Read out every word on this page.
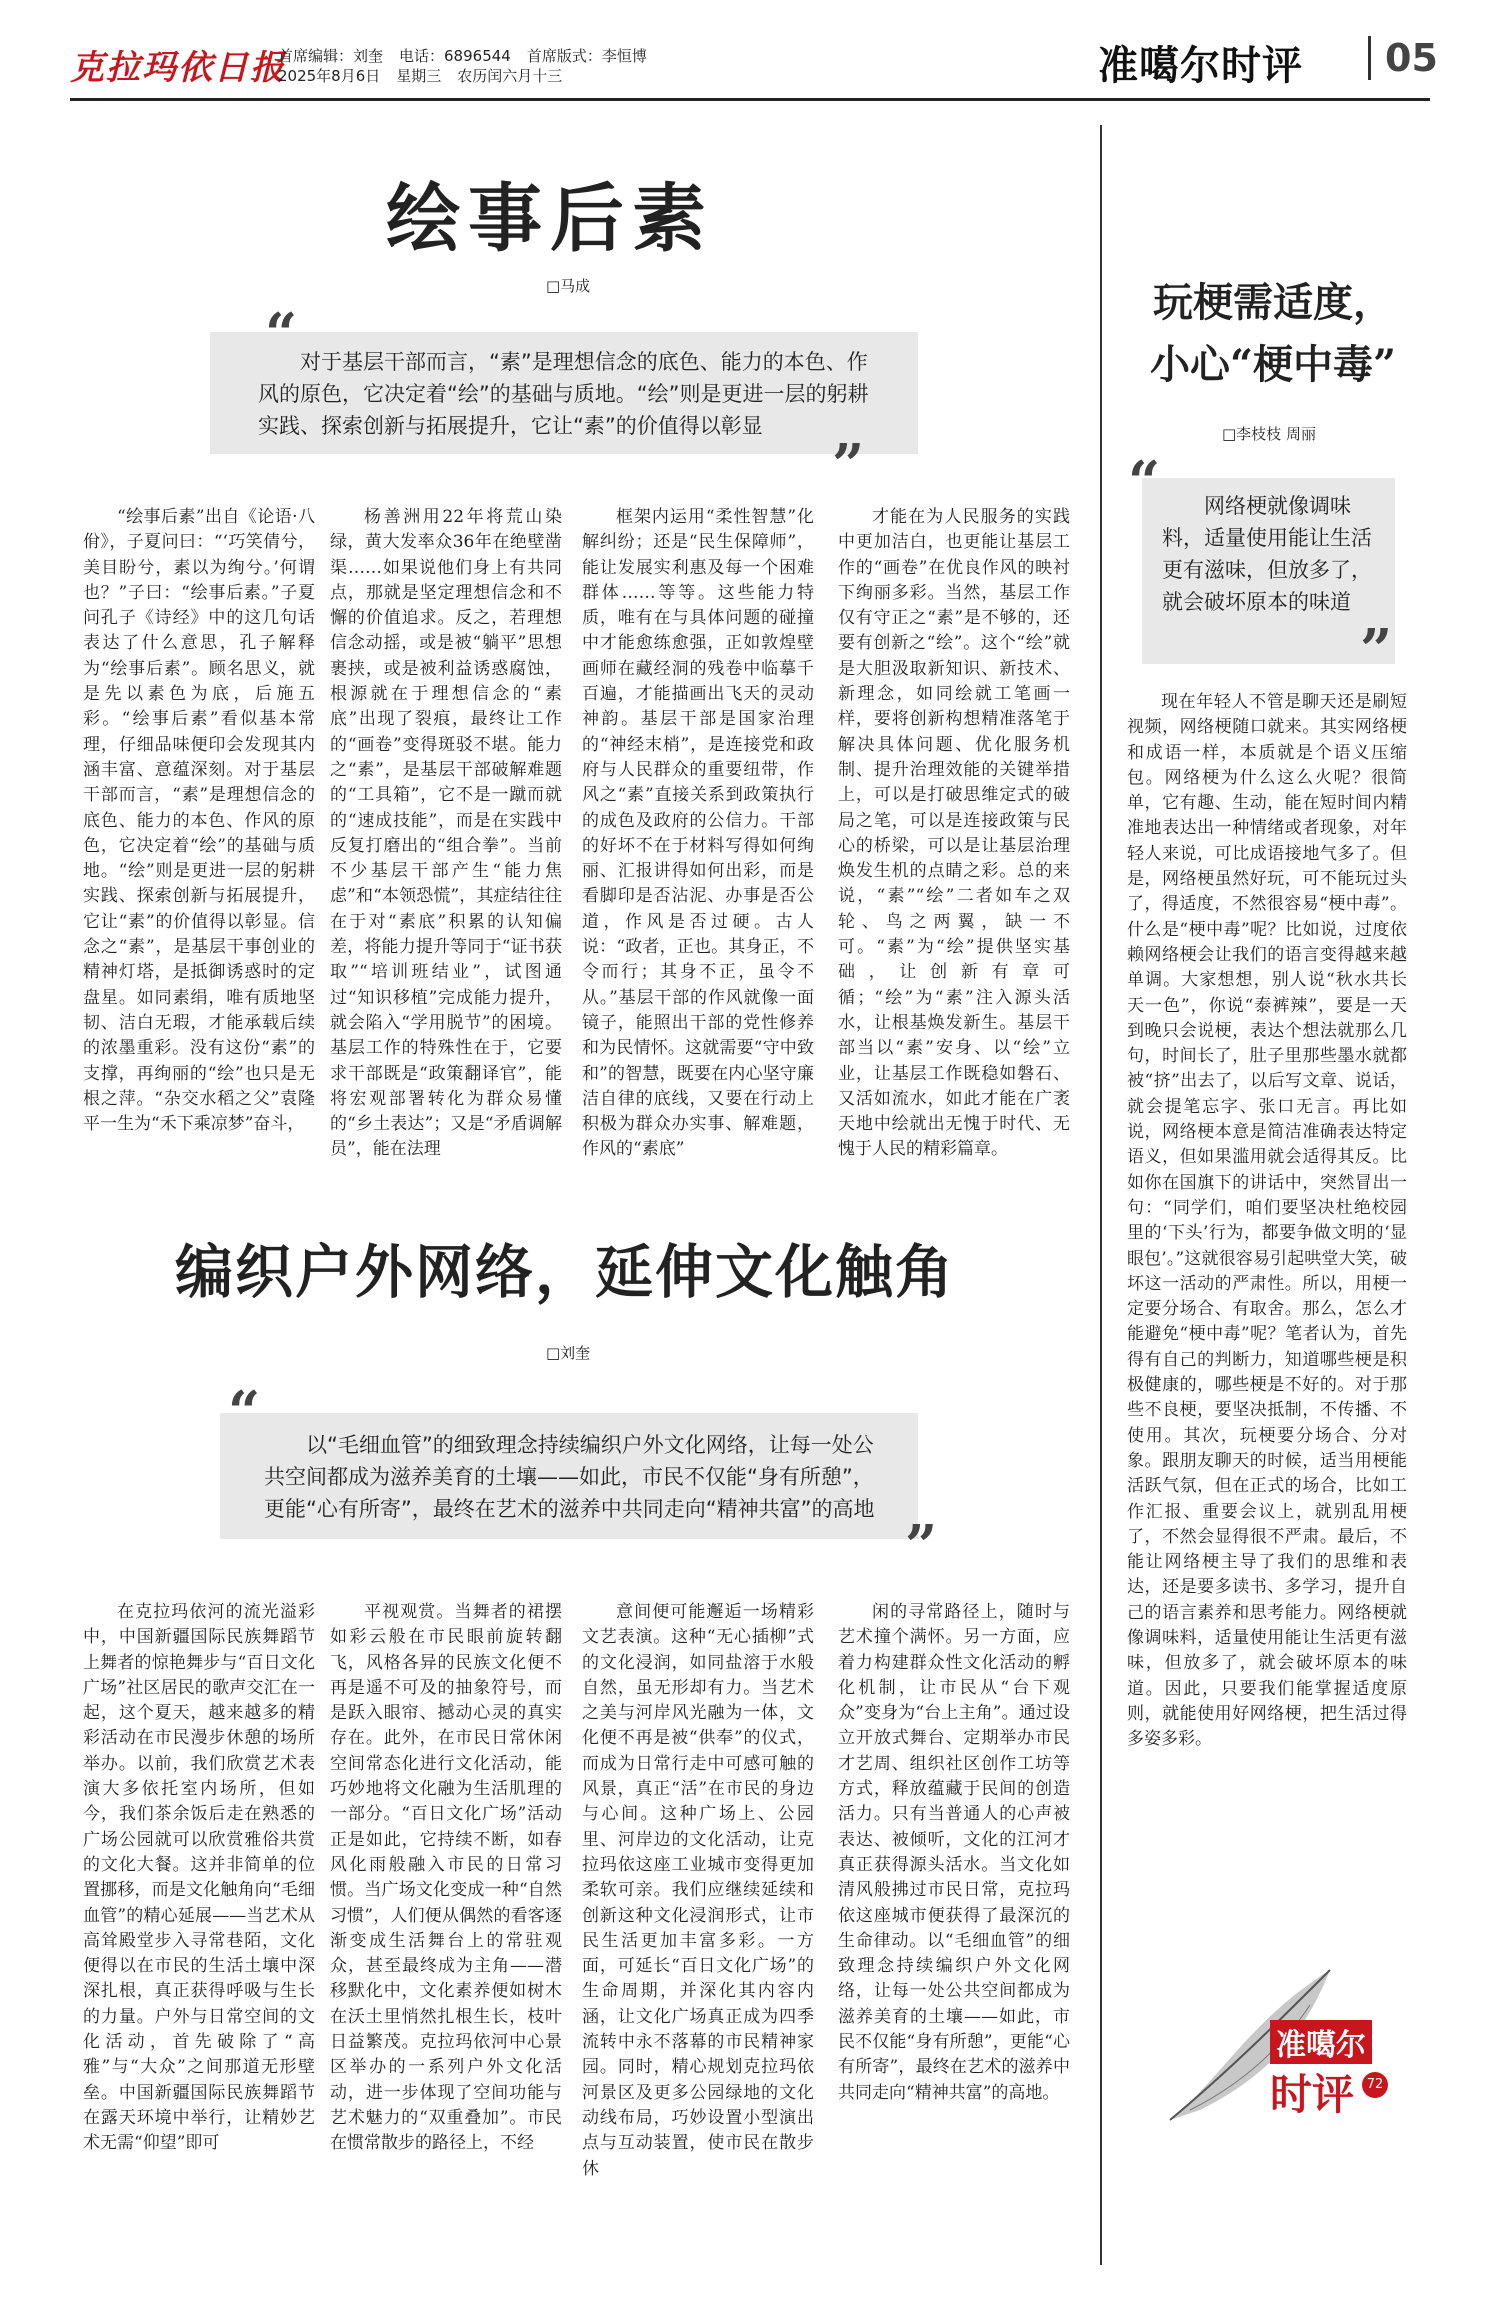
克拉玛依日报
首席编辑：刘奎 电话：6896544 首席版式：李恒博
2025年8月6日 星期三 农历闰六月十三	准噶尔时评	05
绘事后素
□马成
对于基层干部而言，“素”是理想信念的底色、能力的本色、作风的原色，它决定着“绘”的基础与质地。“绘”则是更进一层的躬耕实践、探索创新与拓展提升，它让“素”的价值得以彰显
“
”

“绘事后素”出自《论语·八佾》，子夏问曰：“‘巧笑倩兮，美目盼兮，素以为绚兮。’何谓也？”子曰：“绘事后素。”子夏问孔子《诗经》中的这几句话表达了什么意思，孔子解释为“绘事后素”。顾名思义，就是先以素色为底，后施五彩。“绘事后素”看似基本常理，仔细品味便印会发现其内涵丰富、意蕴深刻。对于基层干部而言，“素”是理想信念的底色、能力的本色、作风的原色，它决定着“绘”的基础与质地。“绘”则是更进一层的躬耕实践、探索创新与拓展提升，它让“素”的价值得以彰显。信念之“素”，是基层干事创业的精神灯塔，是抵御诱惑时的定盘星。如同素绢，唯有质地坚韧、洁白无瑕，才能承载后续的浓墨重彩。没有这份“素”的支撑，再绚丽的“绘”也只是无根之萍。“杂交水稻之父”袁隆平一生为“禾下乘凉梦”奋斗，

杨善洲用22年将荒山染绿，黄大发率众36年在绝壁凿渠……如果说他们身上有共同点，那就是坚定理想信念和不懈的价值追求。反之，若理想信念动摇，或是被“躺平”思想裹挟，或是被利益诱惑腐蚀，根源就在于理想信念的“素底”出现了裂痕，最终让工作的“画卷”变得斑驳不堪。能力之“素”，是基层干部破解难题的“工具箱”，它不是一蹴而就的“速成技能”，而是在实践中反复打磨出的“组合拳”。当前不少基层干部产生“能力焦虑”和“本领恐慌”，其症结往往在于对“素底”积累的认知偏差，将能力提升等同于“证书获取”“培训班结业”，试图通过“知识移植”完成能力提升，就会陷入“学用脱节”的困境。基层工作的特殊性在于，它要求干部既是“政策翻译官”，能将宏观部署转化为群众易懂的“乡土表达”；又是“矛盾调解员”，能在法理

框架内运用“柔性智慧”化解纠纷；还是“民生保障师”，能让发展实利惠及每一个困难群体……等等。这些能力特质，唯有在与具体问题的碰撞中才能愈练愈强，正如敦煌壁画师在藏经洞的残卷中临摹千百遍，才能描画出飞天的灵动神韵。基层干部是国家治理的“神经末梢”，是连接党和政府与人民群众的重要纽带，作风之“素”直接关系到政策执行的成色及政府的公信力。干部的好坏不在于材料写得如何绚丽、汇报讲得如何出彩，而是看脚印是否沾泥、办事是否公道，作风是否过硬。古人说：“政者，正也。其身正，不令而行；其身不正，虽令不从。”基层干部的作风就像一面镜子，能照出干部的党性修养和为民情怀。这就需要“守中致和”的智慧，既要在内心坚守廉洁自律的底线，又要在行动上积极为群众办实事、解难题，作风的“素底”

才能在为人民服务的实践中更加洁白，也更能让基层工作的“画卷”在优良作风的映衬下绚丽多彩。当然，基层工作仅有守正之“素”是不够的，还要有创新之“绘”。这个“绘”就是大胆汲取新知识、新技术、新理念，如同绘就工笔画一样，要将创新构想精准落笔于解决具体问题、优化服务机制、提升治理效能的关键举措上，可以是打破思维定式的破局之笔，可以是连接政策与民心的桥梁，可以是让基层治理焕发生机的点睛之彩。总的来说，“素”“绘”二者如车之双轮、鸟之两翼，缺一不可。“素”为“绘”提供坚实基础，让创新有章可循；“绘”为“素”注入源头活水，让根基焕发新生。基层干部当以“素”安身、以“绘”立业，让基层工作既稳如磐石、又活如流水，如此才能在广袤天地中绘就出无愧于时代、无愧于人民的精彩篇章。

编织户外网络，延伸文化触角
□刘奎
以“毛细血管”的细致理念持续编织户外文化网络，让每一处公共空间都成为滋养美育的土壤——如此，市民不仅能“身有所憩”，更能“心有所寄”，最终在艺术的滋养中共同走向“精神共富”的高地
“
”

在克拉玛依河的流光溢彩中，中国新疆国际民族舞蹈节上舞者的惊艳舞步与“百日文化广场”社区居民的歌声交汇在一起，这个夏天，越来越多的精彩活动在市民漫步休憩的场所举办。以前，我们欣赏艺术表演大多依托室内场所，但如今，我们茶余饭后走在熟悉的广场公园就可以欣赏雅俗共赏的文化大餐。这并非简单的位置挪移，而是文化触角向“毛细血管”的精心延展——当艺术从高耸殿堂步入寻常巷陌，文化便得以在市民的生活土壤中深深扎根，真正获得呼吸与生长的力量。户外与日常空间的文化活动，首先破除了“高雅”与“大众”之间那道无形壁垒。中国新疆国际民族舞蹈节在露天环境中举行，让精妙艺术无需“仰望”即可

平视观赏。当舞者的裙摆如彩云般在市民眼前旋转翻飞，风格各异的民族文化便不再是遥不可及的抽象符号，而是跃入眼帘、撼动心灵的真实存在。此外，在市民日常休闲空间常态化进行文化活动，能巧妙地将文化融为生活肌理的一部分。“百日文化广场”活动正是如此，它持续不断，如春风化雨般融入市民的日常习惯。当广场文化变成一种“自然习惯”，人们便从偶然的看客逐渐变成生活舞台上的常驻观众，甚至最终成为主角——潜移默化中，文化素养便如树木在沃土里悄然扎根生长，枝叶日益繁茂。克拉玛依河中心景区举办的一系列户外文化活动，进一步体现了空间功能与艺术魅力的“双重叠加”。市民在惯常散步的路径上，不经

意间便可能邂逅一场精彩文艺表演。这种“无心插柳”式的文化浸润，如同盐溶于水般自然，虽无形却有力。当艺术之美与河岸风光融为一体，文化便不再是被“供奉”的仪式，而成为日常行走中可感可触的风景，真正“活”在市民的身边与心间。这种广场上、公园里、河岸边的文化活动，让克拉玛依这座工业城市变得更加柔软可亲。我们应继续延续和创新这种文化浸润形式，让市民生活更加丰富多彩。一方面，可延长“百日文化广场”的生命周期，并深化其内容内涵，让文化广场真正成为四季流转中永不落幕的市民精神家园。同时，精心规划克拉玛依河景区及更多公园绿地的文化动线布局，巧妙设置小型演出点与互动装置，使市民在散步休

闲的寻常路径上，随时与艺术撞个满怀。另一方面，应着力构建群众性文化活动的孵化机制，让市民从“台下观众”变身为“台上主角”。通过设立开放式舞台、定期举办市民才艺周、组织社区创作工坊等方式，释放蕴藏于民间的创造活力。只有当普通人的心声被表达、被倾听，文化的江河才真正获得源头活水。当文化如清风般拂过市民日常，克拉玛依这座城市便获得了最深沉的生命律动。以“毛细血管”的细致理念持续编织户外文化网络，让每一处公共空间都成为滋养美育的土壤——如此，市民不仅能“身有所憩”，更能“心有所寄”，最终在艺术的滋养中共同走向“精神共富”的高地。

玩梗需适度，
小心“梗中毒”
□李枝枝 周丽
网络梗就像调味料，适量使用能让生活更有滋味，但放多了，就会破坏原本的味道
“
”

现在年轻人不管是聊天还是刷短视频，网络梗随口就来。其实网络梗和成语一样，本质就是个语义压缩包。网络梗为什么这么火呢？很简单，它有趣、生动，能在短时间内精准地表达出一种情绪或者现象，对年轻人来说，可比成语接地气多了。但是，网络梗虽然好玩，可不能玩过头了，得适度，不然很容易“梗中毒”。什么是“梗中毒”呢？比如说，过度依赖网络梗会让我们的语言变得越来越单调。大家想想，别人说“秋水共长天一色”，你说“泰裤辣”，要是一天到晚只会说梗，表达个想法就那么几句，时间长了，肚子里那些墨水就都被“挤”出去了，以后写文章、说话，就会提笔忘字、张口无言。再比如说，网络梗本意是简洁准确表达特定语义，但如果滥用就会适得其反。比如你在国旗下的讲话中，突然冒出一句：“同学们，咱们要坚决杜绝校园里的‘下头’行为，都要争做文明的‘显眼包’。”这就很容易引起哄堂大笑，破坏这一活动的严肃性。所以，用梗一定要分场合、有取舍。那么，怎么才能避免“梗中毒”呢？笔者认为，首先得有自己的判断力，知道哪些梗是积极健康的，哪些梗是不好的。对于那些不良梗，要坚决抵制，不传播、不使用。其次，玩梗要分场合、分对象。跟朋友聊天的时候，适当用梗能活跃气氛，但在正式的场合，比如工作汇报、重要会议上，就别乱用梗了，不然会显得很不严肃。最后，不能让网络梗主导了我们的思维和表达，还是要多读书、多学习，提升自己的语言素养和思考能力。网络梗就像调味料，适量使用能让生活更有滋味，但放多了，就会破坏原本的味道。因此，只要我们能掌握适度原则，就能使用好网络梗，把生活过得多姿多彩。

准噶尔
时评 72
